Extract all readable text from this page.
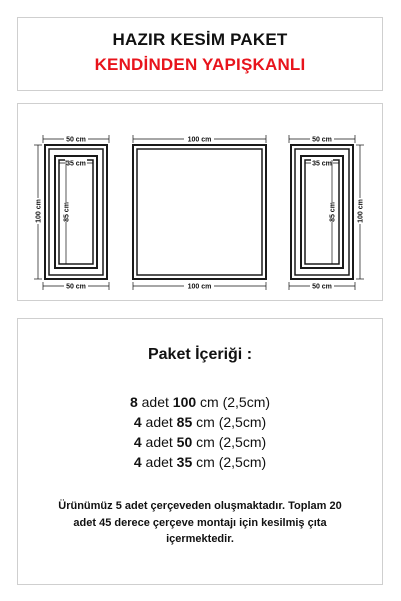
HAZIR KESİM PAKET
KENDİNDEN YAPIŞKANLI
50 cm
35 cm
100 cm	85 cm
50 cm
100 cm
100 cm
50 cm
35 cm
100 cm
85 cm
50 cm
Paket İçeriği :
8 adet 100 cm (2,5cm)
4 adet 85 cm (2,5cm)
4 adet 50 cm (2,5cm)
4 adet 35 cm (2,5cm)
Ürünümüz 5 adet çerçeveden oluşmaktadır. Toplam 20 adet 45 derece çerçeve montajı için kesilmiş çıta içermektedir.
